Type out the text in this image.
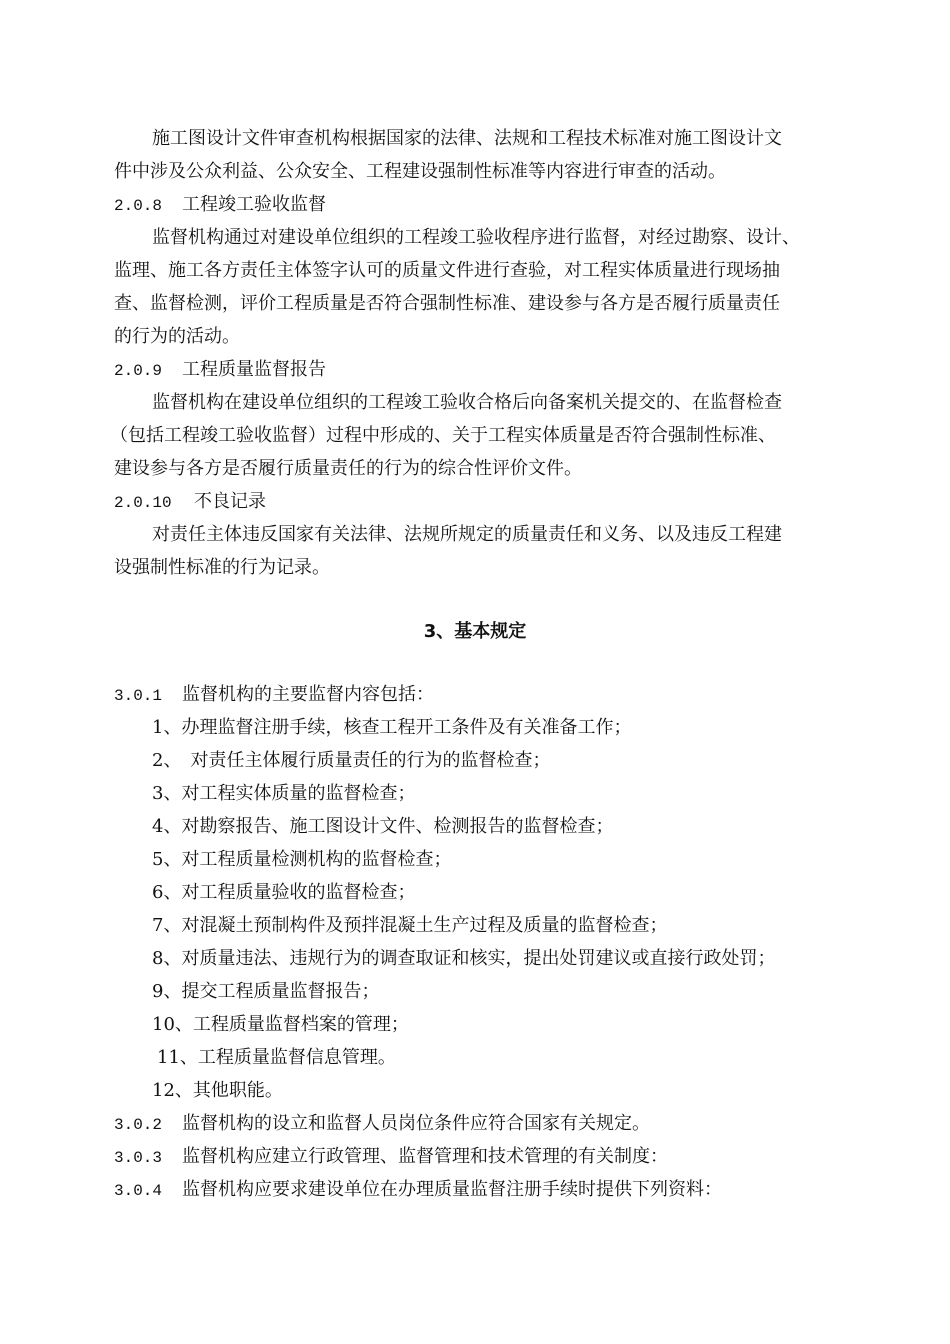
施工图设计文件审查机构根据国家的法律、法规和工程技术标准对施工图设计文
件中涉及公众利益、公众安全、工程建设强制性标准等内容进行审查的活动。
2.0.8 工程竣工验收监督
监督机构通过对建设单位组织的工程竣工验收程序进行监督，对经过勘察、设计、
监理、施工各方责任主体签字认可的质量文件进行查验，对工程实体质量进行现场抽
查、监督检测，评价工程质量是否符合强制性标准、建设参与各方是否履行质量责任
的行为的活动。
2.0.9 工程质量监督报告
监督机构在建设单位组织的工程竣工验收合格后向备案机关提交的、在监督检查
（包括工程竣工验收监督）过程中形成的、关于工程实体质量是否符合强制性标准、
建设参与各方是否履行质量责任的行为的综合性评价文件。
2.0.10 不良记录
对责任主体违反国家有关法律、法规所规定的质量责任和义务、以及违反工程建
设强制性标准的行为记录。
3、基本规定
3.0.1 监督机构的主要监督内容包括：
1、办理监督注册手续，核查工程开工条件及有关准备工作；
2、　对责任主体履行质量责任的行为的监督检查；
3、对工程实体质量的监督检查；
4、对勘察报告、施工图设计文件、检测报告的监督检查；
5、对工程质量检测机构的监督检查；
6、对工程质量验收的监督检查；
7、对混凝土预制构件及预拌混凝土生产过程及质量的监督检查；
8、对质量违法、违规行为的调查取证和核实，提出处罚建议或直接行政处罚；
9、提交工程质量监督报告；
10、工程质量监督档案的管理；
11、工程质量监督信息管理。
12、其他职能。
3.0.2 监督机构的设立和监督人员岗位条件应符合国家有关规定。
3.0.3 监督机构应建立行政管理、监督管理和技术管理的有关制度：
3.0.4 监督机构应要求建设单位在办理质量监督注册手续时提供下列资料：
